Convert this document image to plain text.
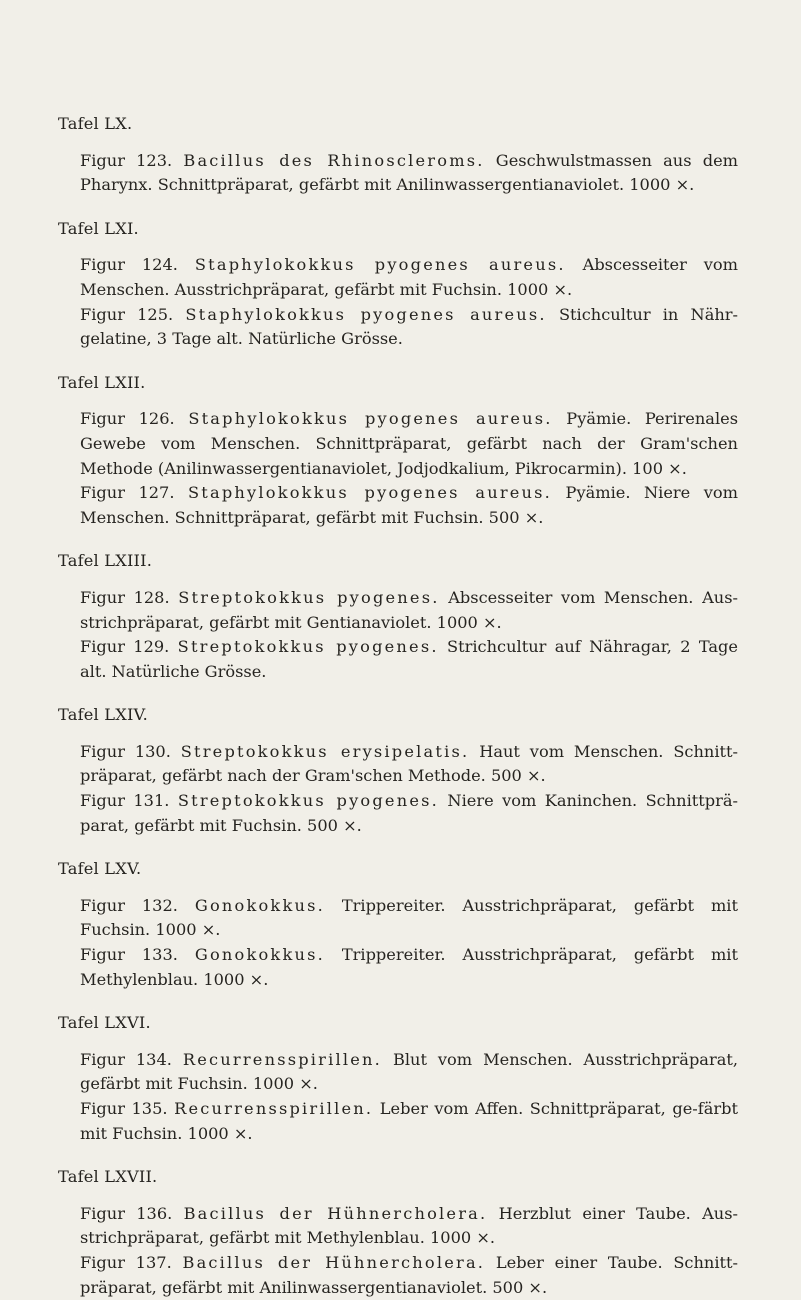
Tafel LX.

Figur 123. Bacillus des Rhinoscleroms. Geschwulstmassen aus dem Pharynx. Schnittpräparat, gefärbt mit Anilinwassergentianaviolet. 1000 ×.

Tafel LXI.

Figur 124. Staphylokokkus pyogenes aureus. Abscesseiter vom Menschen. Ausstrichpräparat, gefärbt mit Fuchsin. 1000 ×.

Figur 125. Staphylokokkus pyogenes aureus. Stichcultur in Nähr-gelatine, 3 Tage alt. Natürliche Grösse.

Tafel LXII.

Figur 126. Staphylokokkus pyogenes aureus. Pyämie. Perirenales Gewebe vom Menschen. Schnittpräparat, gefärbt nach der Gram'schen Methode (Anilinwassergentianaviolet, Jodjodkalium, Pikrocarmin). 100 ×.

Figur 127. Staphylokokkus pyogenes aureus. Pyämie. Niere vom Menschen. Schnittpräparat, gefärbt mit Fuchsin. 500 ×.

Tafel LXIII.

Figur 128. Streptokokkus pyogenes. Abscesseiter vom Menschen. Aus-strichpräparat, gefärbt mit Gentianaviolet. 1000 ×.

Figur 129. Streptokokkus pyogenes. Strichcultur auf Nähragar, 2 Tage alt. Natürliche Grösse.

Tafel LXIV.

Figur 130. Streptokokkus erysipelatis. Haut vom Menschen. Schnitt-präparat, gefärbt nach der Gram'schen Methode. 500 ×.

Figur 131. Streptokokkus pyogenes. Niere vom Kaninchen. Schnittprä-parat, gefärbt mit Fuchsin. 500 ×.

Tafel LXV.

Figur 132. Gonokokkus. Trippereiter. Ausstrichpräparat, gefärbt mit Fuchsin. 1000 ×.

Figur 133. Gonokokkus. Trippereiter. Ausstrichpräparat, gefärbt mit Methylenblau. 1000 ×.

Tafel LXVI.

Figur 134. Recurrensspirillen. Blut vom Menschen. Ausstrichpräparat, gefärbt mit Fuchsin. 1000 ×.

Figur 135. Recurrensspirillen. Leber vom Affen. Schnittpräparat, ge-färbt mit Fuchsin. 1000 ×.

Tafel LXVII.

Figur 136. Bacillus der Hühnercholera. Herzblut einer Taube. Aus-strichpräparat, gefärbt mit Methylenblau. 1000 ×.

Figur 137. Bacillus der Hühnercholera. Leber einer Taube. Schnitt-präparat, gefärbt mit Anilinwassergentianaviolet. 500 ×.
